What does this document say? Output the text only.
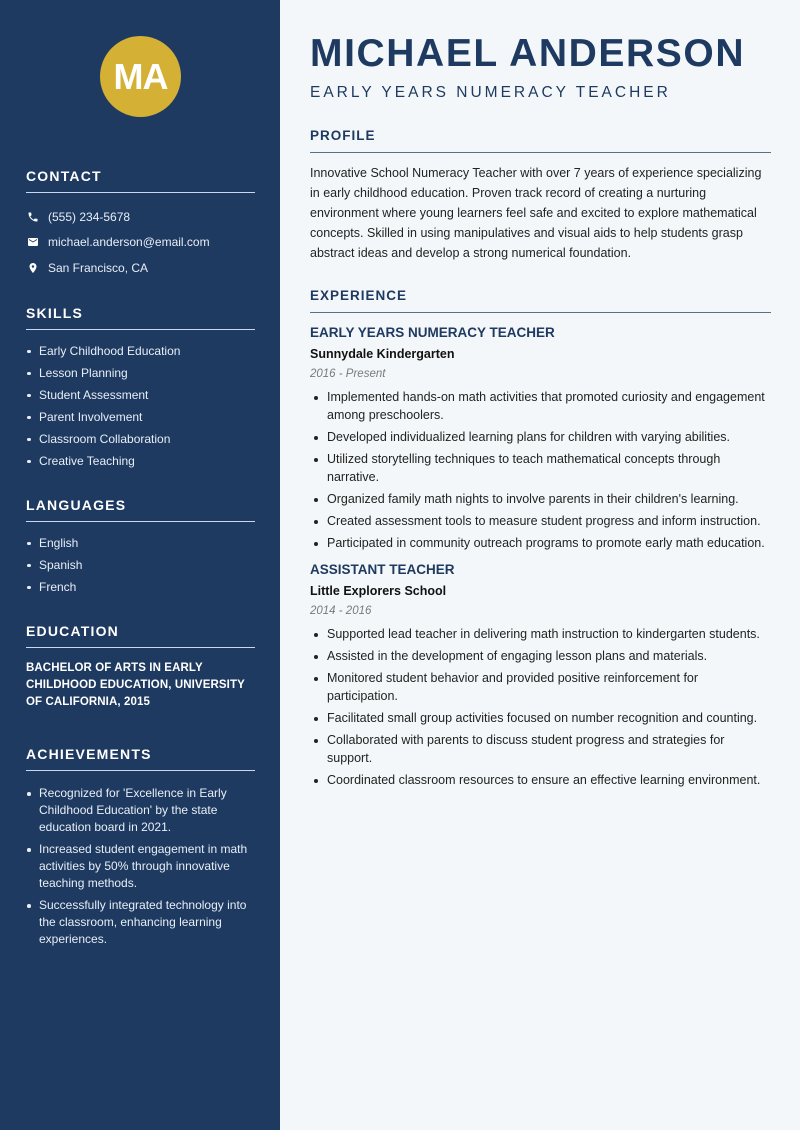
MA
CONTACT
(555) 234-5678
michael.anderson@email.com
San Francisco, CA
SKILLS
Early Childhood Education
Lesson Planning
Student Assessment
Parent Involvement
Classroom Collaboration
Creative Teaching
LANGUAGES
English
Spanish
French
EDUCATION

BACHELOR OF ARTS IN EARLY CHILDHOOD EDUCATION, UNIVERSITY OF CALIFORNIA, 2015

ACHIEVEMENTS
Recognized for 'Excellence in Early Childhood Education' by the state education board in 2021.
Increased student engagement in math activities by 50% through innovative teaching methods.
Successfully integrated technology into the classroom, enhancing learning experiences.
MICHAEL ANDERSON
EARLY YEARS NUMERACY TEACHER
PROFILE

Innovative School Numeracy Teacher with over 7 years of experience specializing in early childhood education. Proven track record of creating a nurturing environment where young learners feel safe and excited to explore mathematical concepts. Skilled in using manipulatives and visual aids to help students grasp abstract ideas and develop a strong numerical foundation.

EXPERIENCE
EARLY YEARS NUMERACY TEACHER
Sunnydale Kindergarten
2016 - Present
Implemented hands-on math activities that promoted curiosity and engagement among preschoolers.
Developed individualized learning plans for children with varying abilities.
Utilized storytelling techniques to teach mathematical concepts through narrative.
Organized family math nights to involve parents in their children's learning.
Created assessment tools to measure student progress and inform instruction.
Participated in community outreach programs to promote early math education.
ASSISTANT TEACHER
Little Explorers School
2014 - 2016
Supported lead teacher in delivering math instruction to kindergarten students.
Assisted in the development of engaging lesson plans and materials.
Monitored student behavior and provided positive reinforcement for participation.
Facilitated small group activities focused on number recognition and counting.
Collaborated with parents to discuss student progress and strategies for support.
Coordinated classroom resources to ensure an effective learning environment.
